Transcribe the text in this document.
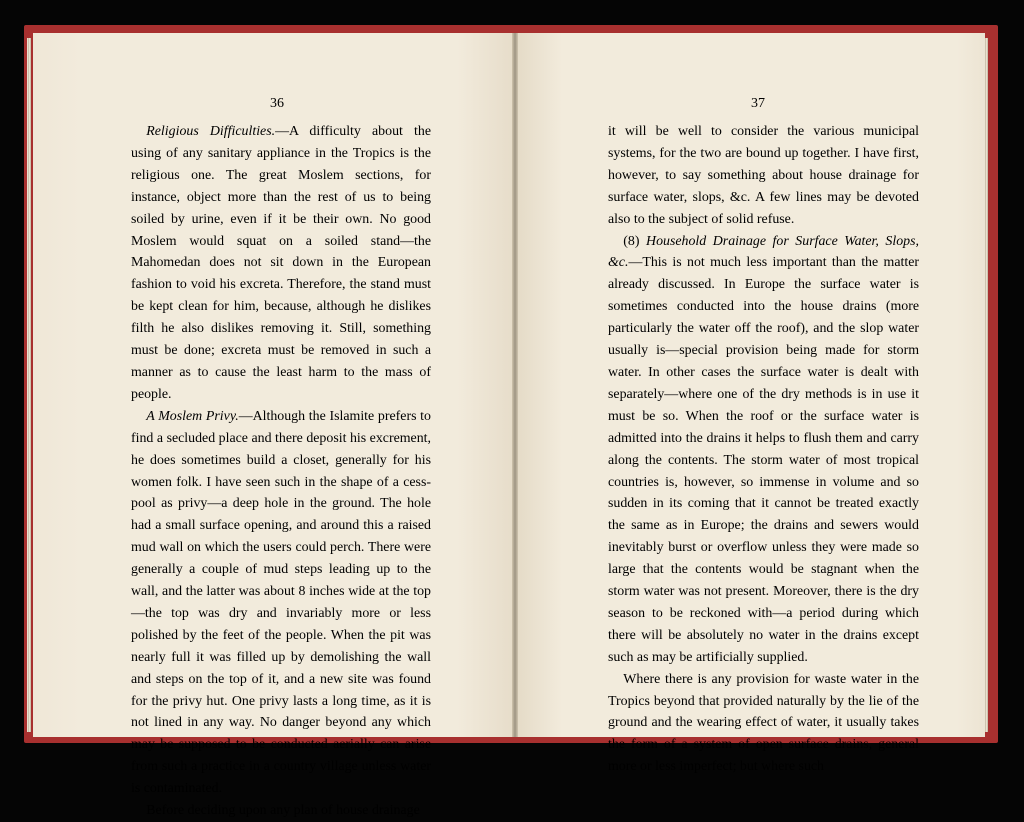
36	37

Religious Difficulties.—A difficulty about the using of any sanitary appliance in the Tropics is the religious one. The great Moslem sections, for instance, object more than the rest of us to being soiled by urine, even if it be their own. No good Moslem would squat on a soiled stand—the Mahomedan does not sit down in the European fashion to void his excreta. Therefore, the stand must be kept clean for him, because, although he dislikes filth he also dislikes removing it. Still, something must be done; excreta must be removed in such a manner as to cause the least harm to the mass of people.

A Moslem Privy.—Although the Islamite prefers to find a secluded place and there deposit his excrement, he does sometimes build a closet, generally for his women folk. I have seen such in the shape of a cess-pool as privy—a deep hole in the ground. The hole had a small surface opening, and around this a raised mud wall on which the users could perch. There were generally a couple of mud steps leading up to the wall, and the latter was about 8 inches wide at the top—the top was dry and invariably more or less polished by the feet of the people. When the pit was nearly full it was filled up by demolishing the wall and steps on the top of it, and a new site was found for the privy hut. One privy lasts a long time, as it is not lined in any way. No danger beyond any which may be supposed to be conducted aerially can arise from such a practice in a country village unless water is contaminated.

Before deciding upon any plan of house drainage

it will be well to consider the various municipal systems, for the two are bound up together. I have first, however, to say something about house drainage for surface water, slops, &c. A few lines may be devoted also to the subject of solid refuse.

(8) Household Drainage for Surface Water, Slops, &c.—This is not much less important than the matter already discussed. In Europe the surface water is sometimes conducted into the house drains (more particularly the water off the roof), and the slop water usually is—special provision being made for storm water. In other cases the surface water is dealt with separately—where one of the dry methods is in use it must be so. When the roof or the surface water is admitted into the drains it helps to flush them and carry along the contents. The storm water of most tropical countries is, however, so immense in volume and so sudden in its coming that it cannot be treated exactly the same as in Europe; the drains and sewers would inevitably burst or overflow unless they were made so large that the contents would be stagnant when the storm water was not present. Moreover, there is the dry season to be reckoned with—a period during which there will be absolutely no water in the drains except such as may be artificially supplied.

Where there is any provision for waste water in the Tropics beyond that provided naturally by the lie of the ground and the wearing effect of water, it usually takes the form of a system of open surface drains, general more or less imperfect; but where such
